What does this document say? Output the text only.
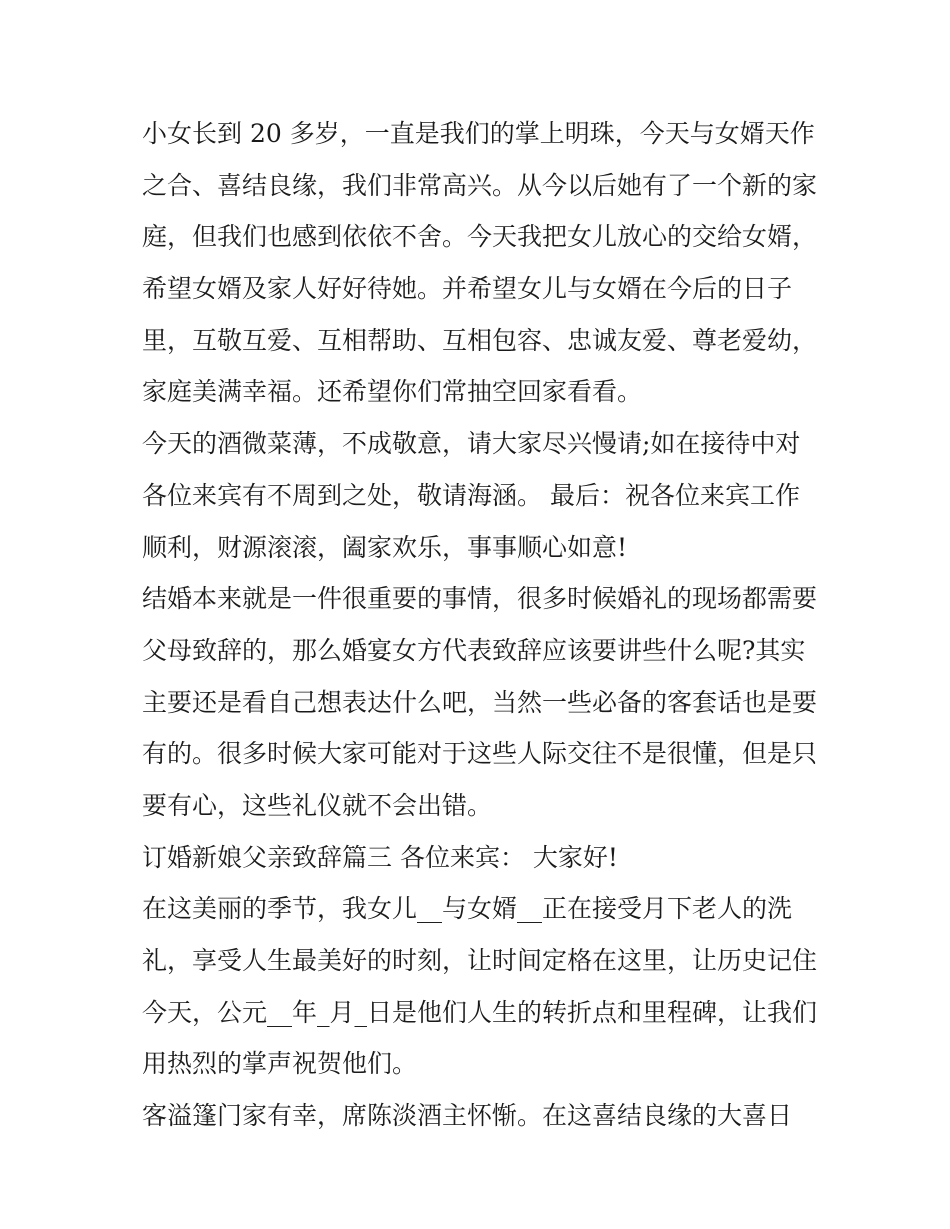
小女长到 20 多岁，一直是我们的掌上明珠，今天与女婿天作
之合、喜结良缘，我们非常高兴。从今以后她有了一个新的家
庭，但我们也感到依依不舍。今天我把女儿放心的交给女婿，
希望女婿及家人好好待她。并希望女儿与女婿在今后的日子
里，互敬互爱、互相帮助、互相包容、忠诚友爱、尊老爱幼，
家庭美满幸福。还希望你们常抽空回家看看。
今天的酒微菜薄，不成敬意，请大家尽兴慢请;如在接待中对
各位来宾有不周到之处，敬请海涵。 最后：祝各位来宾工作
顺利，财源滚滚，阖家欢乐，事事顺心如意!
结婚本来就是一件很重要的事情，很多时候婚礼的现场都需要
父母致辞的，那么婚宴女方代表致辞应该要讲些什么呢?其实
主要还是看自己想表达什么吧，当然一些必备的客套话也是要
有的。很多时候大家可能对于这些人际交往不是很懂，但是只
要有心，这些礼仪就不会出错。
订婚新娘父亲致辞篇三 各位来宾： 大家好!
在这美丽的季节，我女儿__与女婿__正在接受月下老人的洗
礼，享受人生最美好的时刻，让时间定格在这里，让历史记住
今天，公元__年_月_日是他们人生的转折点和里程碑，让我们
用热烈的掌声祝贺他们。
客溢篷门家有幸，席陈淡酒主怀惭。在这喜结良缘的大喜日
